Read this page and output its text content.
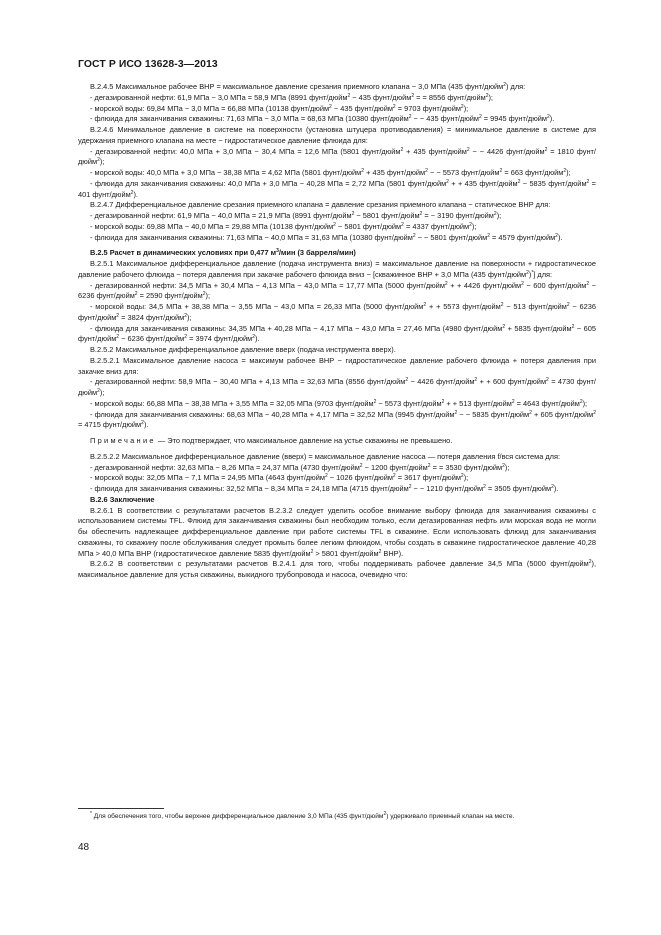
ГОСТ Р ИСО 13628-3—2013

В.2.4.5 Максимальное рабочее ВНР = максимальное давление срезания приемного клапана − 3,0 МПа (435 фунт/дюйм$^2$) для:

- дегазированной нефти: 61,9 МПа − 3,0 МПа = 58,9 МПа (8991 фунт/дюйм$^2$ − 435 фунт/дюйм$^2$ = = 8556 фунт/дюйм$^2$);

- морской воды: 69,84 МПа − 3,0 МПа = 66,88 МПа (10138 фунт/дюйм$^2$ − 435 фунт/дюйм$^2$ = 9703 фунт/дюйм$^2$);

- флюида для заканчивания скважины: 71,63 МПа − 3,0 МПа = 68,63 МПа (10380 фунт/дюйм$^2$ − − 435 фунт/дюйм$^2$ = 9945 фунт/дюйм$^2$).

В.2.4.6 Минимальное давление в системе на поверхности (установка штуцера противодавления) = минимальное давление в системе для удержания приемного клапана на месте − гидростатическое давление флюида для:

- дегазированной нефти: 40,0 МПа + 3,0 МПа − 30,4 МПа = 12,6 МПа (5801 фунт/дюйм$^2$ + 435 фунт/дюйм$^2$ − − 4426 фунт/дюйм$^2$ = 1810 фунт/дюйм$^2$);

- морской воды: 40,0 МПа + 3,0 МПа − 38,38 МПа = 4,62 МПа (5801 фунт/дюйм$^2$ + 435 фунт/дюйм$^2$ − − 5573 фунт/дюйм$^2$ = 663 фунт/дюйм$^2$);

- флюида для заканчивания скважины: 40,0 МПа + 3,0 МПа − 40,28 МПа = 2,72 МПа (5801 фунт/дюйм$^2$ + + 435 фунт/дюйм$^2$ − 5835 фунт/дюйм$^2$ = 401 фунт/дюйм$^2$).

В.2.4.7 Дифференциальное давление срезания приемного клапана = давление срезания приемного клапана − статическое ВНР для:

- дегазированной нефти: 61,9 МПа − 40,0 МПа = 21,9 МПа (8991 фунт/дюйм$^2$ − 5801 фунт/дюйм$^2$ = − 3190 фунт/дюйм$^2$);

- морской воды: 69,88 МПа − 40,0 МПа = 29,88 МПа (10138 фунт/дюйм$^2$ − 5801 фунт/дюйм$^2$ = 4337 фунт/дюйм$^2$);

- флюида для заканчивания скважины: 71,63 МПа − 40,0 МПа = 31,63 МПа (10380 фунт/дюйм$^2$ − − 5801 фунт/дюйм$^2$ = 4579 фунт/дюйм$^2$).

В.2.5 Расчет в динамических условиях при 0,477 $м^3$/мин (3 барреля/мин)

В.2.5.1 Максимальное дифференциальное давление (подача инструмента вниз) = максимальное давление на поверхности + гидростатическое давление рабочего флюида − потеря давления при закачке рабочего флюида вниз − [скважинное ВНР + 3,0 МПа (435 фунт/дюйм$^2$)*] для:

- дегазированной нефти: 34,5 МПа + 30,4 МПа − 4,13 МПа − 43,0 МПа = 17,77 МПа (5000 фунт/дюйм$^2$ + + 4426 фунт/дюйм$^2$ − 600 фунт/дюйм$^2$ − 6236 фунт/дюйм$^2$ = 2590 фунт/дюйм$^2$);

- морской воды: 34,5 МПа + 38,38 МПа − 3,55 МПа − 43,0 МПа = 26,33 МПа (5000 фунт/дюйм$^2$ + + 5573 фунт/дюйм$^2$ − 513 фунт/дюйм$^2$ − 6236 фунт/дюйм$^2$ = 3824 фунт/дюйм$^2$);

- флюида для заканчивания скважины: 34,35 МПа + 40,28 МПа − 4,17 МПа − 43,0 МПа = 27,46 МПа (4980 фунт/дюйм$^2$ + 5835 фунт/дюйм$^2$ − 605 фунт/дюйм$^2$ − 6236 фунт/дюйм$^2$ = 3974 фунт/дюйм$^2$).

В.2.5.2 Максимальное дифференциальное давление вверх (подача инструмента вверх).

В.2.5.2.1 Максимальное давление насоса = максимум рабочее ВНР − гидростатическое давление рабочего флюида + потеря давления при закачке вниз для:

- дегазированной нефти: 58,9 МПа − 30,40 МПа + 4,13 МПа = 32,63 МПа (8556 фунт/дюйм$^2$ − 4426 фунт/дюйм$^2$ + + 600 фунт/дюйм$^2$ = 4730 фунт/дюйм$^2$);

- морской воды: 66,88 МПа − 38,38 МПа + 3,55 МПа = 32,05 МПа (9703 фунт/дюйм$^2$ − 5573 фунт/дюйм$^2$ + + 513 фунт/дюйм$^2$ = 4643 фунт/дюйм$^2$);

- флюида для заканчивания скважины: 68,63 МПа − 40,28 МПа + 4,17 МПа = 32,52 МПа (9945 фунт/дюйм$^2$ − − 5835 фунт/дюйм$^2$ + 605 фунт/дюйм$^2$ = 4715 фунт/дюйм$^2$).

Примечание — Это подтверждает, что максимальное давление на устье скважины не превышено.

В.2.5.2.2 Максимальное дифференциальное давление (вверх) = максимальное давление насоса — потеря давления f/вся система для:

- дегазированной нефти: 32,63 МПа − 8,26 МПа = 24,37 МПа (4730 фунт/дюйм$^2$ − 1200 фунт/дюйм$^2$ = = 3530 фунт/дюйм$^2$);

- морской воды: 32,05 МПа − 7,1 МПа = 24,95 МПа (4643 фунт/дюйм$^2$ − 1026 фунт/дюйм$^2$ = 3617 фунт/дюйм$^2$);

- флюида для заканчивания скважины: 32,52 МПа − 8,34 МПа = 24,18 МПа (4715 фунт/дюйм$^2$ − − 1210 фунт/дюйм$^2$ = 3505 фунт/дюйм$^2$).

В.2.6 Заключение

В.2.6.1 В соответствии с результатами расчетов В.2.3.2 следует уделить особое внимание выбору флюида для заканчивания скважины с использованием системы TFL. Флюид для заканчивания скважины был необходим только, если дегазированная нефть или морская вода не могли бы обеспечить надлежащее дифференциальное давление при работе системы TFL в скважине. Если использовать флюид для заканчивания скважины, то скважину после обслуживания следует промыть более легким флюидом, чтобы создать в скважине гидростатическое давление 40,28 МПа > 40,0 МПа ВНР (гидростатическое давление 5835 фунт/дюйм$^2$ > 5801 фунт/дюйм$^2$ ВНР).

В.2.6.2 В соответствии с результатами расчетов В.2.4.1 для того, чтобы поддерживать рабочее давление 34,5 МПа (5000 фунт/дюйм$^2$), максимальное давление для устья скважины, выкидного трубопровода и насоса, очевидно что:

* Для обеспечения того, чтобы верхнее дифференциальное давление 3,0 МПа (435 фунт/дюйм$^2$) удерживало приемный клапан на месте.

48
